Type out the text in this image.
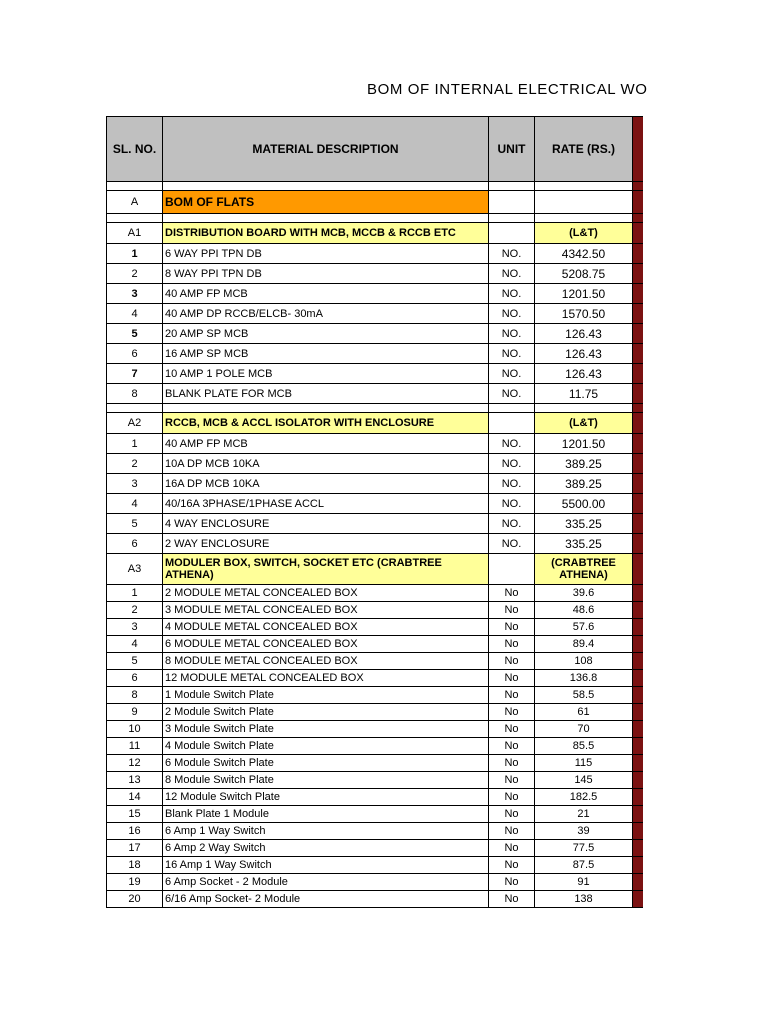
BOM OF INTERNAL ELECTRICAL WO
SL. NO.	MATERIAL DESCRIPTION	UNIT	RATE (RS.)	

A	BOM OF FLATS			

A1	DISTRIBUTION BOARD WITH MCB, MCCB & RCCB ETC		(L&T)	
1	6 WAY PPI TPN DB	NO.	4342.50	
2	8 WAY PPI TPN DB	NO.	5208.75	
3	40 AMP FP MCB	NO.	1201.50	
4	40 AMP DP RCCB/ELCB- 30mA	NO.	1570.50	
5	20 AMP SP MCB	NO.	126.43	
6	16 AMP SP MCB	NO.	126.43	
7	10 AMP 1 POLE MCB	NO.	126.43	
8	BLANK PLATE FOR MCB	NO.	11.75	

A2	RCCB, MCB & ACCL ISOLATOR WITH ENCLOSURE		(L&T)	
1	40 AMP FP MCB	NO.	1201.50	
2	10A DP MCB 10KA	NO.	389.25	
3	16A DP MCB 10KA	NO.	389.25	
4	40/16A 3PHASE/1PHASE ACCL	NO.	5500.00	
5	4 WAY ENCLOSURE	NO.	335.25	
6	2 WAY ENCLOSURE	NO.	335.25	
A3	MODULER BOX, SWITCH, SOCKET ETC (CRABTREE ATHENA)		(CRABTREE ATHENA)	
1	2 MODULE METAL CONCEALED BOX	No	39.6	
2	3 MODULE METAL CONCEALED BOX	No	48.6	
3	4 MODULE METAL CONCEALED BOX	No	57.6	
4	6 MODULE METAL CONCEALED BOX	No	89.4	
5	8 MODULE METAL CONCEALED BOX	No	108	
6	12 MODULE METAL CONCEALED BOX	No	136.8	
8	1 Module Switch Plate	No	58.5	
9	2 Module Switch Plate	No	61	
10	3 Module Switch Plate	No	70	
11	4 Module Switch Plate	No	85.5	
12	6 Module Switch Plate	No	115	
13	8 Module Switch Plate	No	145	
14	12 Module Switch Plate	No	182.5	
15	Blank Plate 1 Module	No	21	
16	6 Amp 1 Way Switch	No	39	
17	6 Amp 2 Way Switch	No	77.5	
18	16 Amp 1 Way Switch	No	87.5	
19	6 Amp Socket - 2 Module	No	91	
20	6/16 Amp Socket- 2 Module	No	138	
